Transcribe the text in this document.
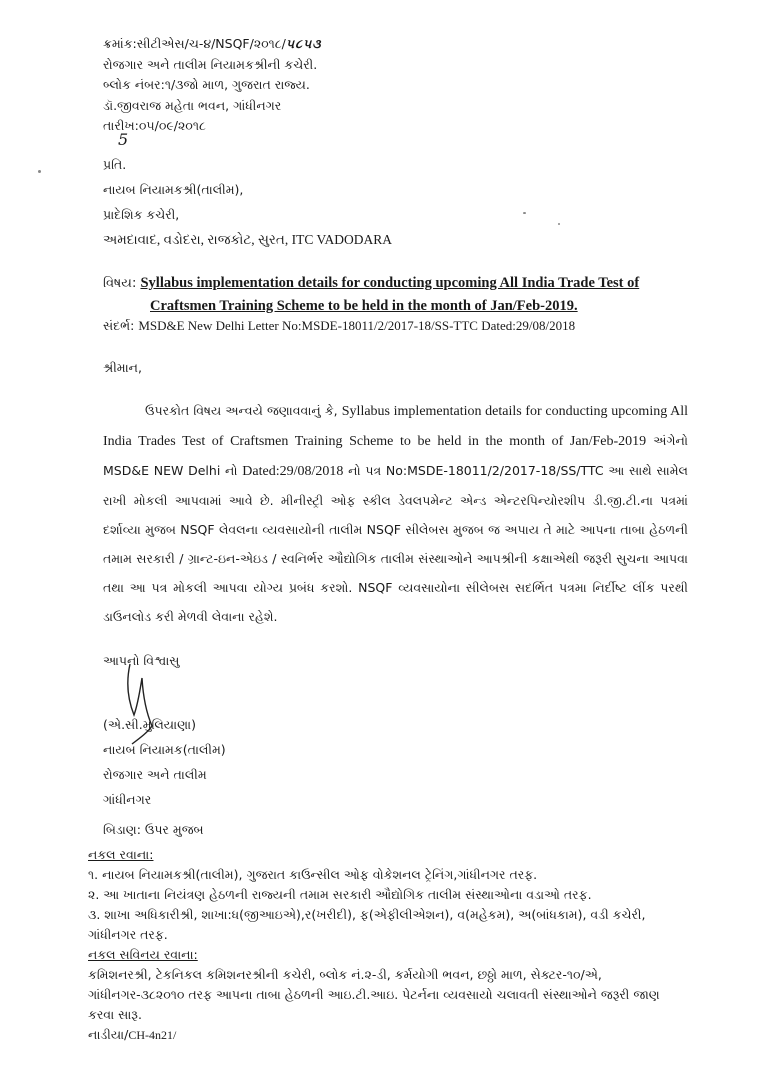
ક્રમાંક:સીટીએસ/ચ-૪/NSQF/૨૦૧૮/૫૮૫૩
રોજગાર અને તાલીમ નિયામકશ્રીની કચેરી.
બ્લોક નંબર:૧/૩જો માળ, ગુજરાત રાજ્ય.
ડૉ.જીવરાજ મહેતા ભવન, ગાંધીનગર
તારીખ:૦૫/૦૯/૨૦૧૮
5
પ્રતિ.
નાયબ નિયામકશ્રી(તાલીમ),
પ્રાદેશિક કચેરી,
અમદાવાદ, વડોદરા, રાજકોટ, સુરત, ITC VADODARA
વિષય: Syllabus implementation details for conducting upcoming All India Trade Test of
Craftsmen Training Scheme to be held in the month of Jan/Feb-2019.
સંદર્ભ: MSD&E New Delhi Letter No:MSDE-18011/2/2017-18/SS-TTC Dated:29/08/2018
શ્રીમાન,
ઉપરકોત વિષય અન્વયે જણાવવાનું કે, Syllabus implementation details for conducting upcoming All India Trades Test of Craftsmen Training Scheme to be held in the month of Jan/Feb-2019 અંગેનો MSD&E NEW Delhi નો Dated:29/08/2018 નો પત્ર No:MSDE-18011/2/2017-18/SS/TTC આ સાથે સામેલ રાખી મોકલી આપવામાં આવે છે. મીનીસ્ટ્રી ઓફ સ્કીલ ડેવલપમેન્ટ એન્ડ એન્ટરપિન્યોરશીપ ડી.જી.ટી.ના પત્રમાં દર્શાવ્યા મુજબ NSQF લેવલના વ્યવસાયોની તાલીમ NSQF સીલેબસ મુજબ જ અપાય તે માટે આપના તાબા હેઠળની તમામ સરકારી / ગ્રાન્ટ-ઇન-એઇડ / સ્વનિર્ભર ઔદ્યોગિક તાલીમ સંસ્થાઓને આપશ્રીની કક્ષાએથી જરૂરી સુચના આપવા તથા આ પત્ર મોકલી આપવા યોગ્ય પ્રબંધ કરશો. NSQF વ્યવસાયોના સીલેબસ સદર્ભિત પત્રમા નિર્દીષ્ટ લીંક પરથી ડાઉનલોડ કરી મેળવી લેવાના રહેશે.
આપનો વિશ્વાસુ
(એ.સી.મુલિયાણા)
નાયબ નિયામક(તાલીમ)
રોજગાર અને તાલીમ
ગાંધીનગર
બિડાણ: ઉપર મુજબ
નકલ રવાના:
૧. નાયબ નિયામકશ્રી(તાલીમ), ગુજરાત કાઉન્સીલ ઓફ વોકેશનલ ટ્રેનિંગ,ગાંધીનગર તરફ.
૨. આ ખાતાના નિયંત્રણ હેઠળની રાજ્યની તમામ સરકારી ઔદ્યોગિક તાલીમ સંસ્થાઓના વડાઓ તરફ.
૩. શાખા અધિકારીશ્રી, શાખા:ધ(જીઆઇએ),ર(ખરીદી), ફ(એફીલીએશન), વ(મહેકમ), અ(બાંધકામ), વડી કચેરી, ગાંધીનગર તરફ.
નકલ સવિનય રવાના:
કમિશનરશ્રી, ટેકનિકલ કમિશનરશ્રીની કચેરી, બ્લોક નં.૨-ડી, કર્મયોગી ભવન, છઠ્ઠો માળ, સેક્ટર-૧૦/એ, ગાંધીનગર-૩૮૨૦૧૦ તરફ આપના તાબા હેઠળની આઇ.ટી.આઇ. પેટર્નના વ્યવસાયો ચલાવતી સંસ્થાઓને જરૂરી જાણ કરવા સારૂ.
નાડીયા/CH-4n21/
